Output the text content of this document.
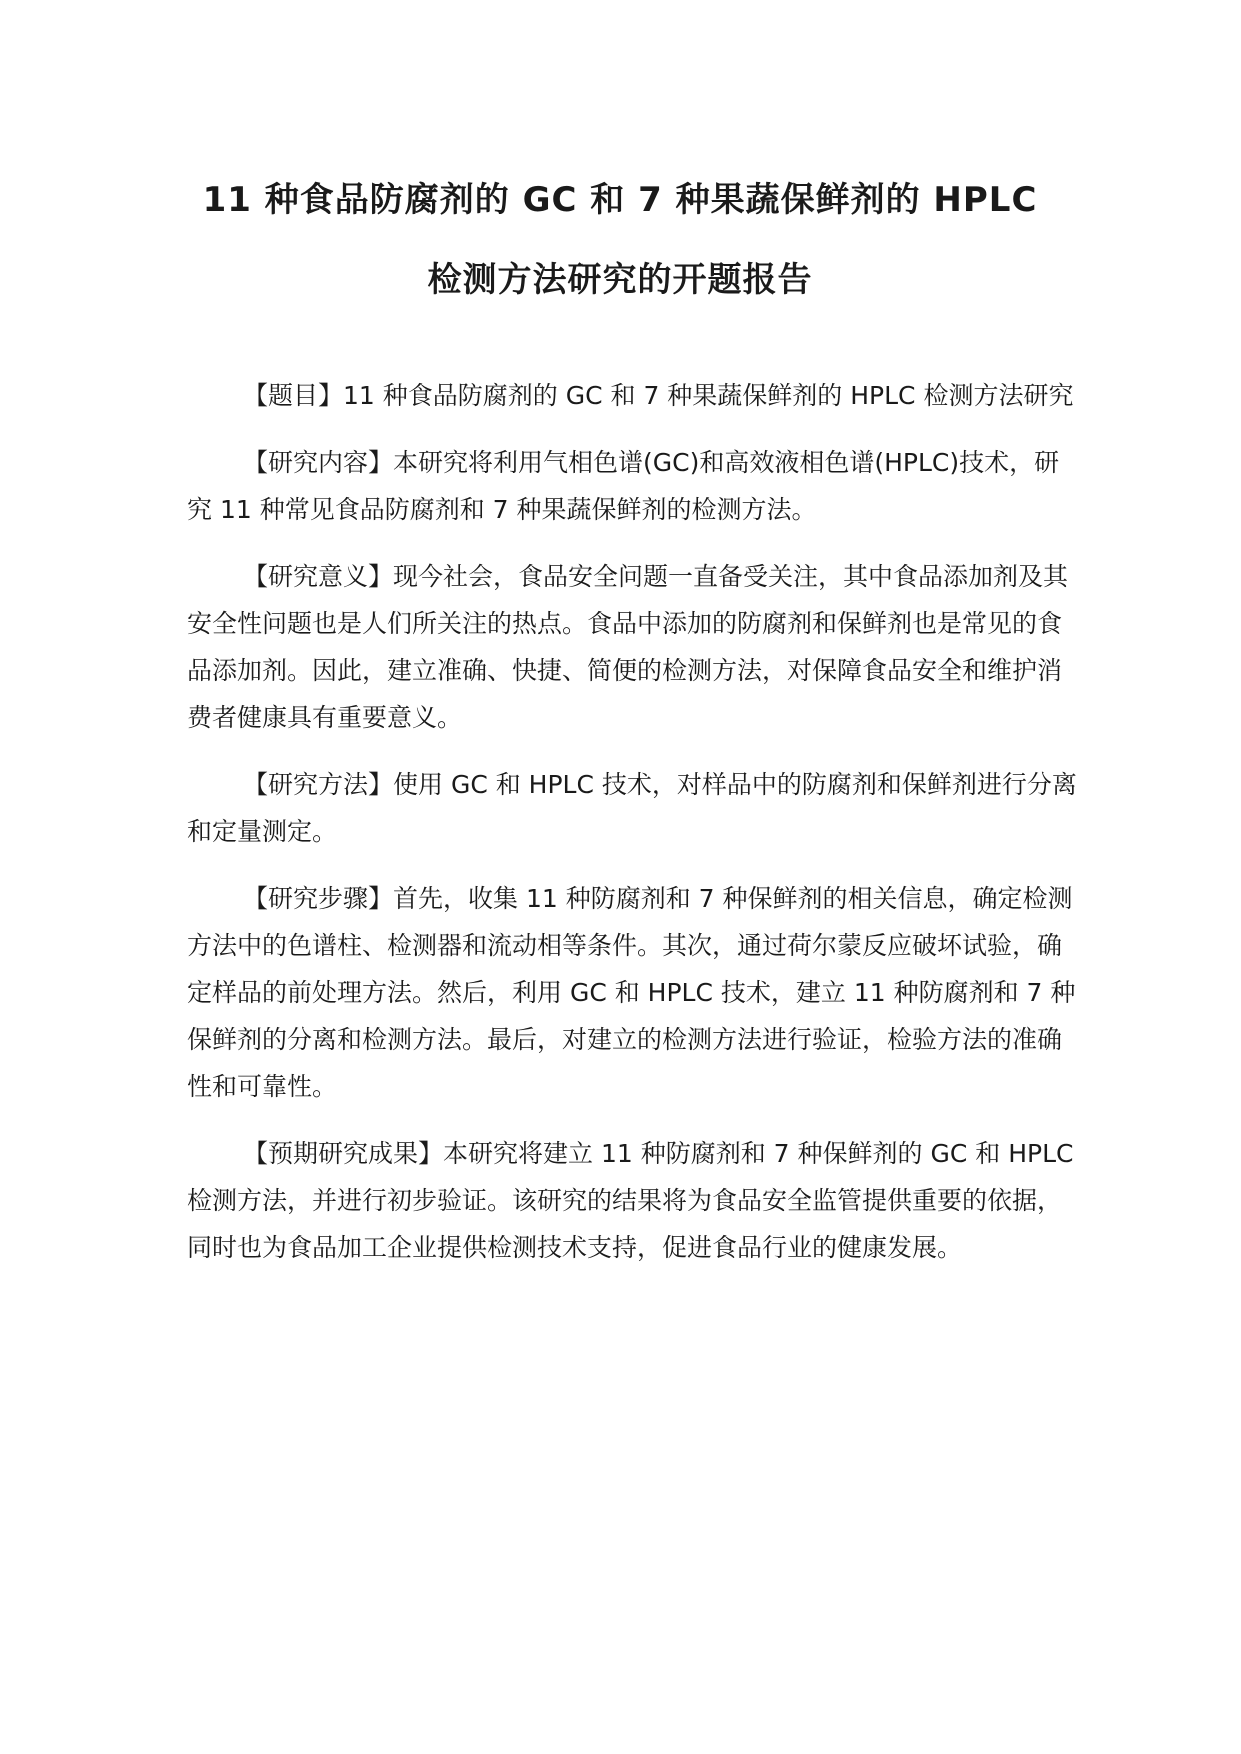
11 种食品防腐剂的 GC 和 7 种果蔬保鲜剂的 HPLC
检测方法研究的开题报告

【题目】11 种食品防腐剂的 GC 和 7 种果蔬保鲜剂的 HPLC 检测方法研究

【研究内容】本研究将利用气相色谱(GC)和高效液相色谱(HPLC)技术，研究 11 种常见食品防腐剂和 7 种果蔬保鲜剂的检测方法。

【研究意义】现今社会，食品安全问题一直备受关注，其中食品添加剂及其安全性问题也是人们所关注的热点。食品中添加的防腐剂和保鲜剂也是常见的食品添加剂。因此，建立准确、快捷、简便的检测方法，对保障食品安全和维护消费者健康具有重要意义。

【研究方法】使用 GC 和 HPLC 技术，对样品中的防腐剂和保鲜剂进行分离和定量测定。

【研究步骤】首先，收集 11 种防腐剂和 7 种保鲜剂的相关信息，确定检测方法中的色谱柱、检测器和流动相等条件。其次，通过荷尔蒙反应破坏试验，确定样品的前处理方法。然后，利用 GC 和 HPLC 技术，建立 11 种防腐剂和 7 种保鲜剂的分离和检测方法。最后，对建立的检测方法进行验证，检验方法的准确性和可靠性。

【预期研究成果】本研究将建立 11 种防腐剂和 7 种保鲜剂的 GC 和 HPLC 检测方法，并进行初步验证。该研究的结果将为食品安全监管提供重要的依据，同时也为食品加工企业提供检测技术支持，促进食品行业的健康发展。
